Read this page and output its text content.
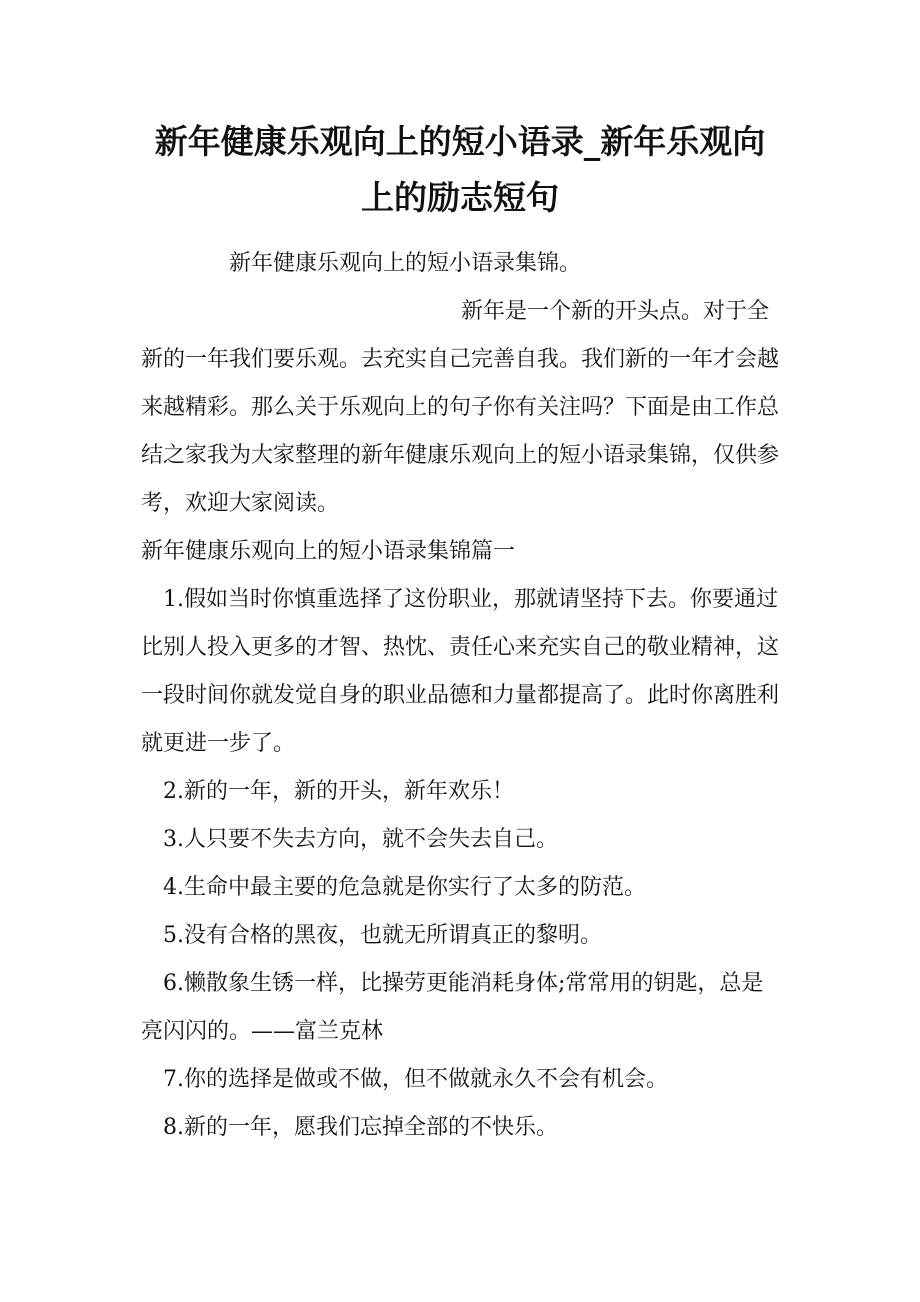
新年健康乐观向上的短小语录_新年乐观向
上的励志短句

新年健康乐观向上的短小语录集锦。

新年是一个新的开头点。对于全新的一年我们要乐观。去充实自己完善自我。我们新的一年才会越来越精彩。那么关于乐观向上的句子你有关注吗？下面是由工作总结之家我为大家整理的新年健康乐观向上的短小语录集锦，仅供参考，欢迎大家阅读。

新年健康乐观向上的短小语录集锦篇一

1.假如当时你慎重选择了这份职业，那就请坚持下去。你要通过比别人投入更多的才智、热忱、责任心来充实自己的敬业精神，这一段时间你就发觉自身的职业品德和力量都提高了。此时你离胜利就更进一步了。

2.新的一年，新的开头，新年欢乐！

3.人只要不失去方向，就不会失去自己。

4.生命中最主要的危急就是你实行了太多的防范。

5.没有合格的黑夜，也就无所谓真正的黎明。

6.懒散象生锈一样，比操劳更能消耗身体;常常用的钥匙，总是亮闪闪的。——富兰克林

7.你的选择是做或不做，但不做就永久不会有机会。

8.新的一年，愿我们忘掉全部的不快乐。
